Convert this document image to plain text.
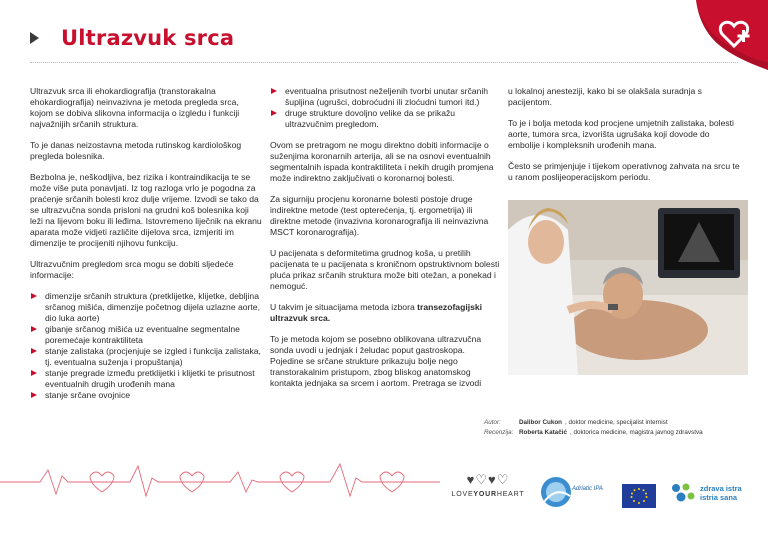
Ultrazvuk srca

Ultrazvuk srca ili ehokardiografija (transtorakalna ehokardiografija) neinvazivna je metoda pregleda srca, kojom se dobiva slikovna informacija o izgledu i funkciji najvažnijih srčanih struktura.

To je danas neizostavna metoda rutinskog kardiološkog pregleda bolesnika.

Bezbolna je, neškodljiva, bez rizika i kontraindikacija te se može više puta ponavljati. Iz tog razloga vrlo je pogodna za praćenje srčanih bolesti kroz dulje vrijeme. Izvodi se tako da se ultrazvučna sonda prisloni na grudni koš bolesnika koji leži na lijevom boku ili leđima. Istovremeno liječnik na ekranu aparata može vidjeti različite dijelova srca, izmjeriti im dimenzije te procijeniti njihovu funkciju.

Ultrazvučnim pregledom srca mogu se dobiti sljedeće informacije:

dimenzije srčanih struktura (pretklijetke, klijetke, debljina srčanog mišića, dimenzije početnog dijela uzlazne aorte, dio luka aorte)
gibanje srčanog mišića uz eventualne segmentalne poremećaje kontraktiliteta
stanje zalistaka (procjenjuje se izgled i funkcija zalistaka, tj. eventualna suženja i propuštanja)
stanje pregrade između pretklijetki i klijetki te prisutnost eventualnih drugih urođenih mana
stanje srčane ovojnice
eventualna prisutnost neželjenih tvorbi unutar srčanih šupljina (ugrušci, dobroćudni ili zloćudni tumori itd.)
druge strukture dovoljno velike da se prikažu ultrazvučnim pregledom.

Ovom se pretragom ne mogu direktno dobiti informacije o suženjima koronarnih arterija, ali se na osnovi eventualnih segmentalnih ispada kontraktiliteta i nekih drugih promjena može indirektno zaključivati o koronarnoj bolesti.

Za sigurniju procjenu koronarne bolesti postoje druge indirektne metode (test opterećenja, tj. ergometrija) ili direktne metode (invazivna koronarografija ili neinvazivna MSCT koronarografija).

U pacijenata s deformitetima grudnog koša, u pretilih pacijenata te u pacijenata s kroničnom opstruktivnom bolesti pluća prikaz srčanih struktura može biti otežan, a ponekad i nemoguć.

U takvim je situacijama metoda izbora transezofagijski ultrazvuk srca.

To je metoda kojom se posebno oblikovana ultrazvučna sonda uvodi u jednjak i želudac poput gastroskopa. Pojedine se srčane strukture prikazuju bolje nego transtorakalnim pristupom, zbog bliskog anatomskog kontakta jednjaka sa srcem i aortom. Pretraga se izvodi

u lokalnoj anesteziji, kako bi se olakšala suradnja s pacijentom.

To je i bolja metoda kod procjene umjetnih zalistaka, bolesti aorte, tumora srca, izvorišta ugrušaka koji dovode do embolije i kompleksnih urođenih mana.

Često se primjenjuje i tijekom operativnog zahvata na srcu te u ranom poslijeoperacijskom periodu.

Autor:	Dalibor Cukon , doktor medicine, specijalist internist
Recenzija: Roberta Katačić , doktorica medicine, magistra javnog zdravstva
♥♡♥♡
LOVEYOURHEART
Adriatic IPA	zdrava istra
istria sana
